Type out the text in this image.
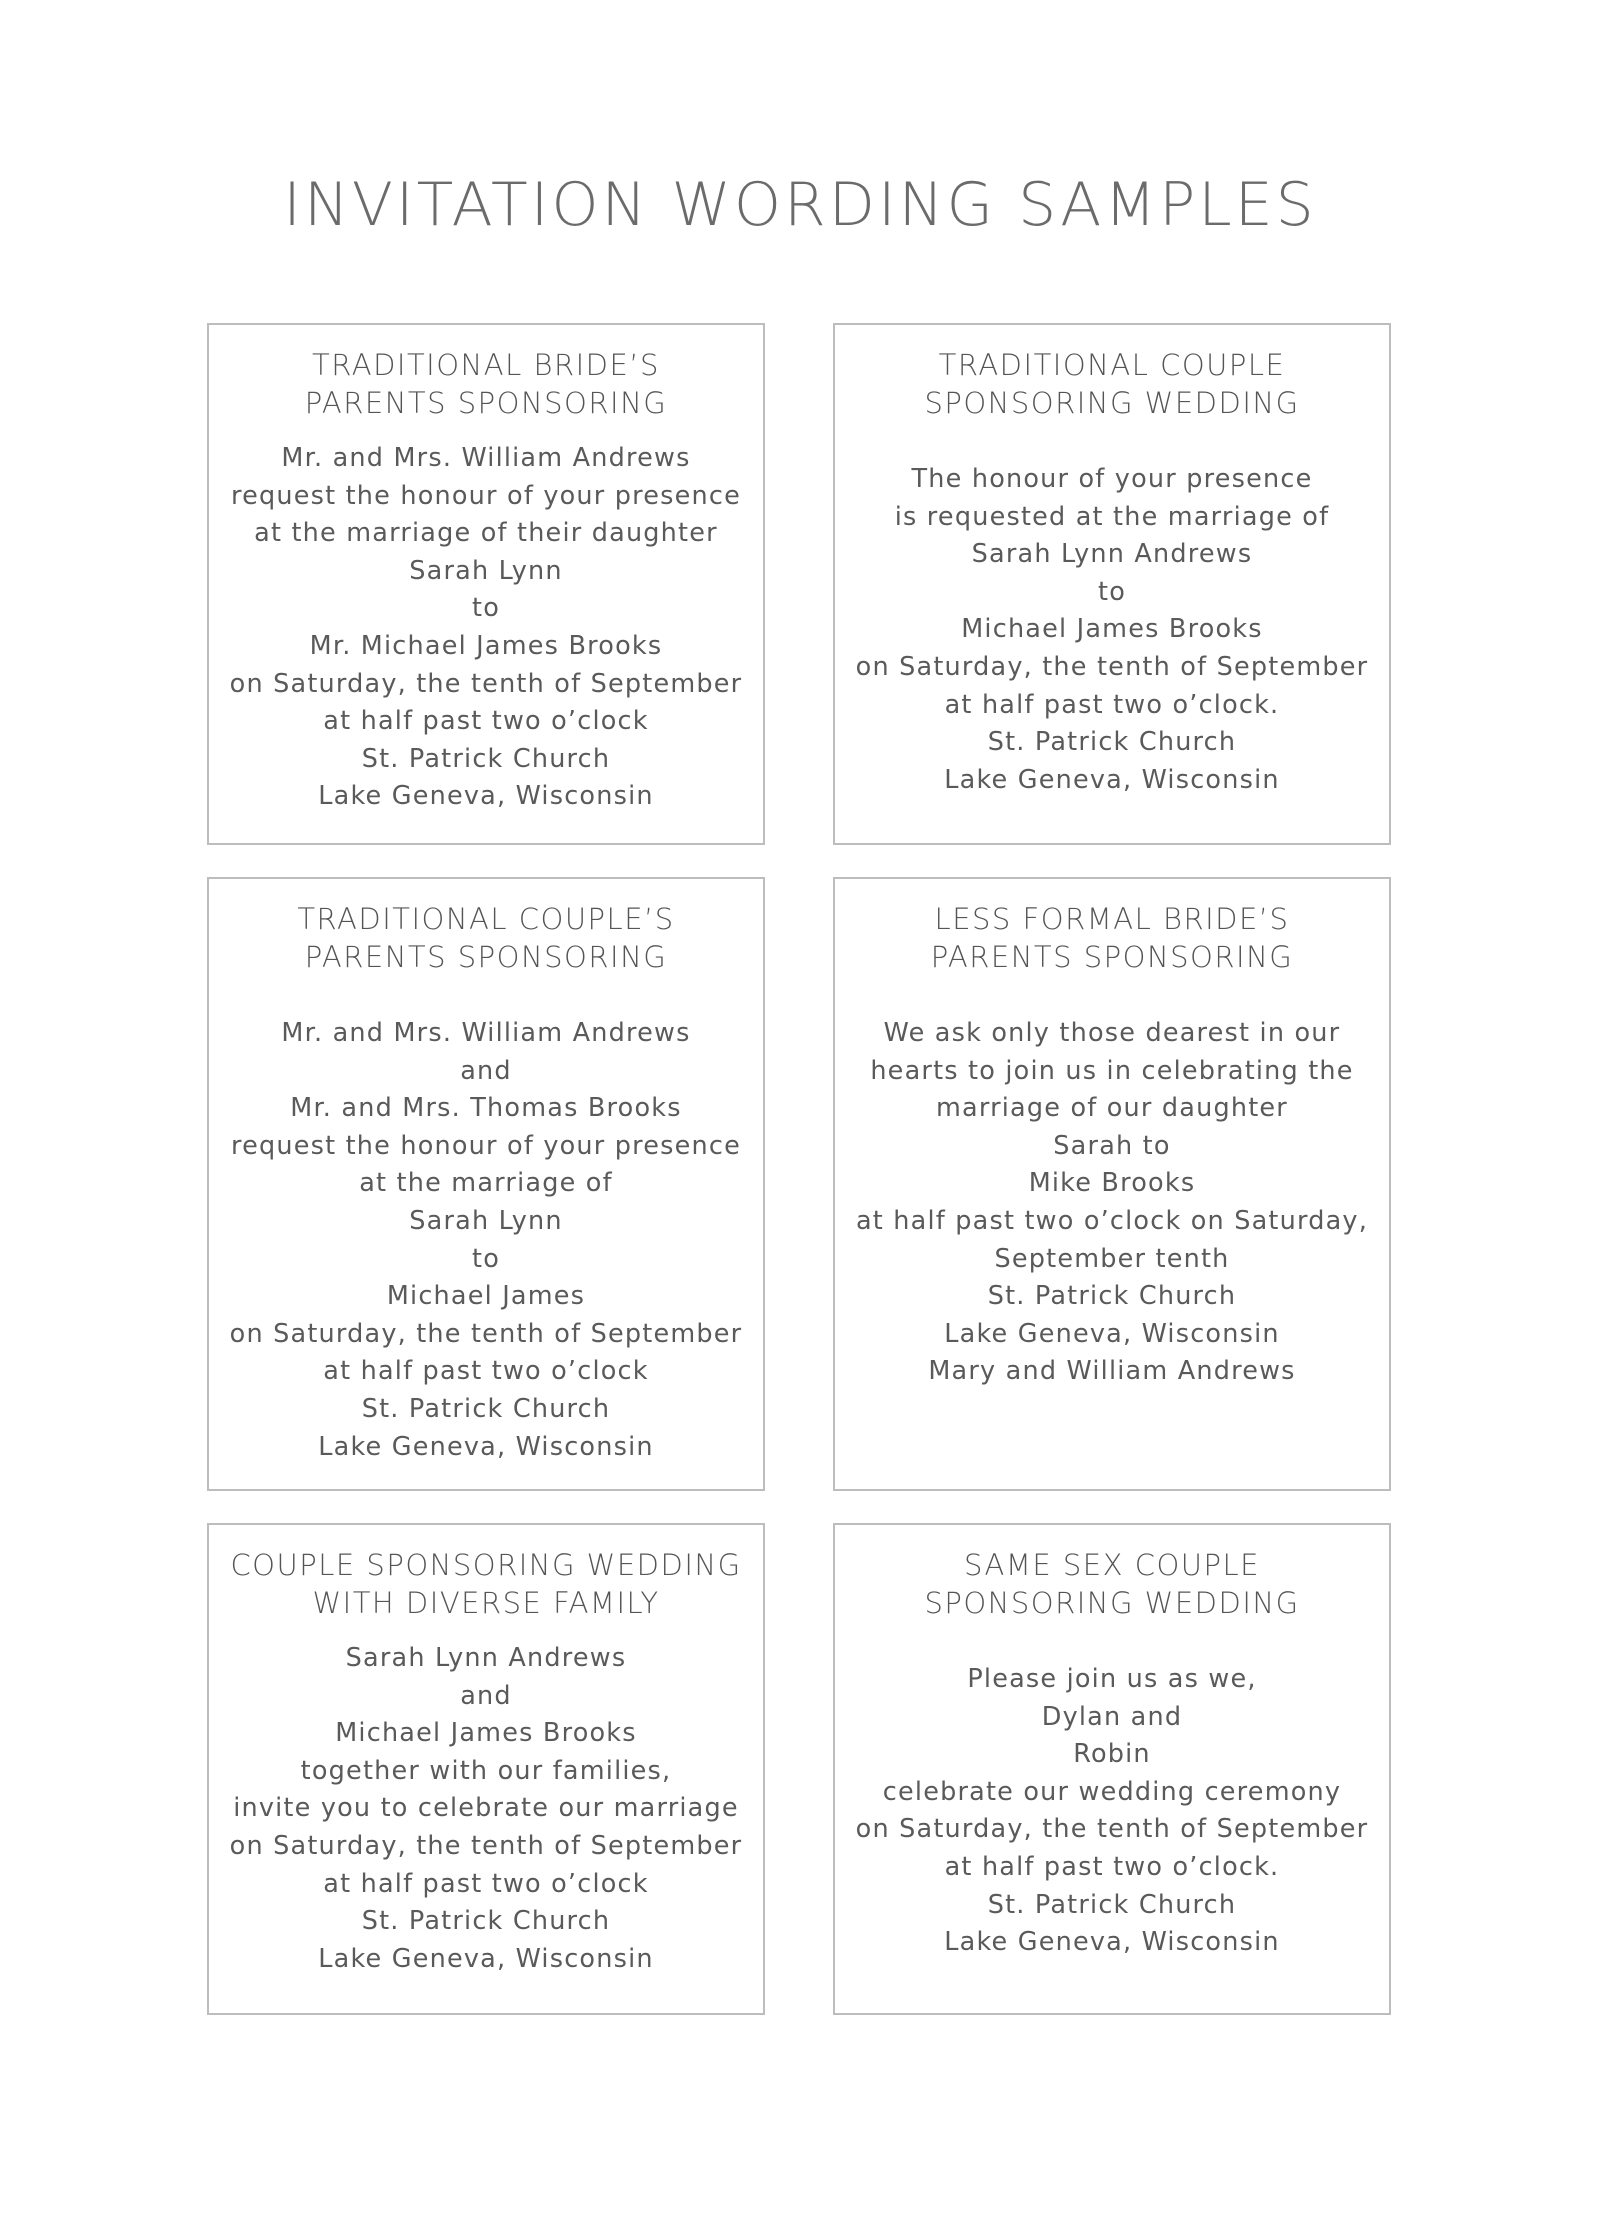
INVITATION WORDING SAMPLES
TRADITIONAL BRIDE’S
PARENTS SPONSORING
Mr. and Mrs. William Andrews
request the honour of your presence
at the marriage of their daughter
Sarah Lynn
to
Mr. Michael James Brooks
on Saturday, the tenth of September
at half past two o’clock
St. Patrick Church
Lake Geneva, Wisconsin
TRADITIONAL COUPLE
SPONSORING WEDDING
The honour of your presence
is requested at the marriage of
Sarah Lynn Andrews
to
Michael James Brooks
on Saturday, the tenth of September
at half past two o’clock.
St. Patrick Church
Lake Geneva, Wisconsin
TRADITIONAL COUPLE’S
PARENTS SPONSORING
Mr. and Mrs. William Andrews
and
Mr. and Mrs. Thomas Brooks
request the honour of your presence
at the marriage of
Sarah Lynn
to
Michael James
on Saturday, the tenth of September
at half past two o’clock
St. Patrick Church
Lake Geneva, Wisconsin
LESS FORMAL BRIDE’S
PARENTS SPONSORING
We ask only those dearest in our
hearts to join us in celebrating the
marriage of our daughter
Sarah to
Mike Brooks
at half past two o’clock on Saturday,
September tenth
St. Patrick Church
Lake Geneva, Wisconsin
Mary and William Andrews
COUPLE SPONSORING WEDDING
WITH DIVERSE FAMILY
Sarah Lynn Andrews
and
Michael James Brooks
together with our families,
invite you to celebrate our marriage
on Saturday, the tenth of September
at half past two o’clock
St. Patrick Church
Lake Geneva, Wisconsin
SAME SEX COUPLE
SPONSORING WEDDING
Please join us as we,
Dylan and
Robin
celebrate our wedding ceremony
on Saturday, the tenth of September
at half past two o’clock.
St. Patrick Church
Lake Geneva, Wisconsin
